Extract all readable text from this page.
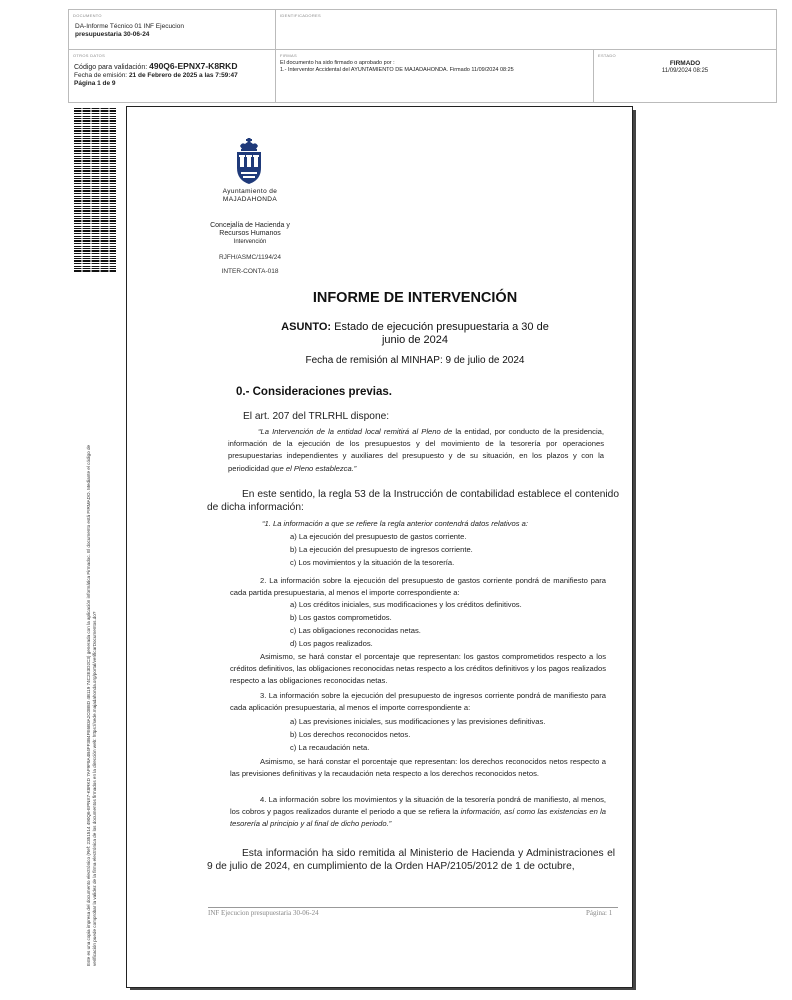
DOCUMENTO
DA-Informe Técnico 01 INF Ejecucion
presupuestaria 30-06-24
IDENTIFICADORES
OTROS DATOS
Código para validación: 490Q6-EPNX7-K8RKD
Fecha de emisión: 21 de Febrero de 2025 a las 7:59:47
Página 1 de 9
FIRMAS
El documento ha sido firmado o aprobado por :
1.- Interventor Accidental del AYUNTAMIENTO DE MAJADAHONDA. Firmado 11/09/2024 08:25
ESTADO
FIRMADO
11/09/2024 08:25
Este es una copia impresa del documento electrónico (Ref: 2351514 490Q6-EPNX7-K8RKD 7AF9F8A4B4FF3B4FE6B3A2C0B8D 4B119 74C2E3D2C3) generada con la aplicación informática Firmadoc. El documento está FIRMADO. Mediante el código de verificación puede comprobar la validez de la firma electrónica de los documentos firmados en la dirección web: https://sede.majadahonda.org/portal/verificarDocumentos.do?
Ayuntamiento de
MAJADAHONDA
Concejalía de Hacienda y
Recursos Humanos
Intervención
RJFH/ASMC/1194/24
INTER-CONTA-018
INFORME DE INTERVENCIÓN
ASUNTO: Estado de ejecución presupuestaria a 30 de
junio de 2024
Fecha de remisión al MINHAP: 9 de julio de 2024
0.- Consideraciones previas.
El art. 207 del TRLRHL dispone:
“La Intervención de la entidad local remitirá al Pleno de la entidad, por conducto de la presidencia, información de la ejecución de los presupuestos y del movimiento de la tesorería por operaciones presupuestarias independientes y auxiliares del presupuesto y de su situación, en los plazos y con la periodicidad que el Pleno establezca.”
En este sentido, la regla 53 de la Instrucción de contabilidad establece el contenido de dicha información:
“1. La información a que se refiere la regla anterior contendrá datos relativos a:
a) La ejecución del presupuesto de gastos corriente.
b) La ejecución del presupuesto de ingresos corriente.
c) Los movimientos y la situación de la tesorería.
2. La información sobre la ejecución del presupuesto de gastos corriente pondrá de manifiesto para cada partida presupuestaria, al menos el importe correspondiente a:
a) Los créditos iniciales, sus modificaciones y los créditos definitivos.
b) Los gastos comprometidos.
c) Las obligaciones reconocidas netas.
d) Los pagos realizados.
Asimismo, se hará constar el porcentaje que representan: los gastos comprometidos respecto a los créditos definitivos, las obligaciones reconocidas netas respecto a los créditos definitivos y los pagos realizados respecto a las obligaciones reconocidas netas.
3. La información sobre la ejecución del presupuesto de ingresos corriente pondrá de manifiesto para cada aplicación presupuestaria, al menos el importe correspondiente a:
a) Las previsiones iniciales, sus modificaciones y las previsiones definitivas.
b) Los derechos reconocidos netos.
c) La recaudación neta.
Asimismo, se hará constar el porcentaje que representan: los derechos reconocidos netos respecto a las previsiones definitivas y la recaudación neta respecto a los derechos reconocidos netos.
4. La información sobre los movimientos y la situación de la tesorería pondrá de manifiesto, al menos, los cobros y pagos realizados durante el periodo a que se refiera la información, así como las existencias en la tesorería al principio y al final de dicho periodo.”
Esta información ha sido remitida al Ministerio de Hacienda y Administraciones el 9 de julio de 2024, en cumplimiento de la Orden HAP/2105/2012 de 1 de octubre,
INF Ejecucion presupuestaria 30-06-24	Página: 1
